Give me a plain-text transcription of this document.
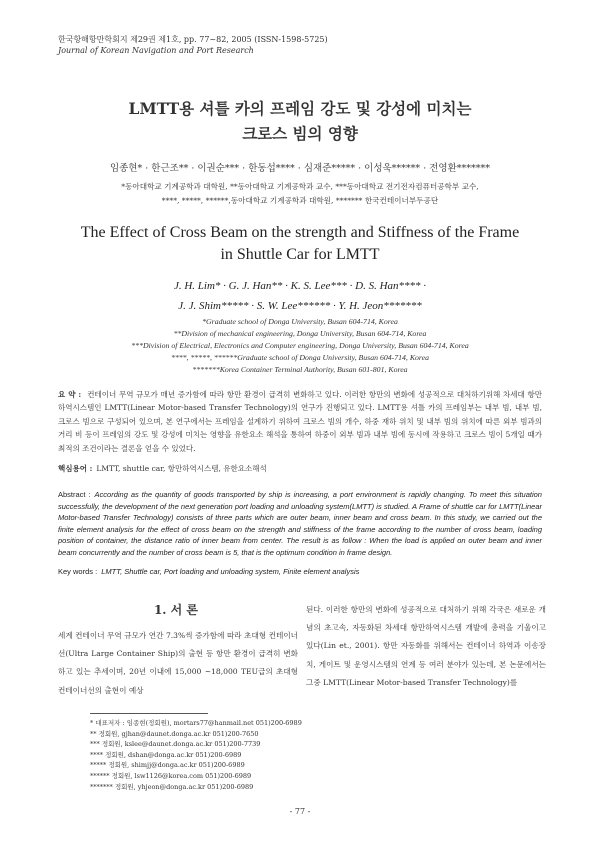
한국항해항만학회지 제29권 제1호, pp. 77~82, 2005 (ISSN-1598-5725)
Journal of Korean Navigation and Port Research
LMTT용 셔틀 카의 프레임 강도 및 강성에 미치는
크로스 빔의 영향
임종현* · 한근조** · 이권순*** · 한동섭**** · 심재준***** · 이성욱****** · 전영환*******
*동아대학교 기계공학과 대학원, **동아대학교 기계공학과 교수, ***동아대학교 전기전자컴퓨터공학부 교수,
****, *****, ******,동아대학교 기계공학과 대학원, ******* 한국컨테이너부두공단
The Effect of Cross Beam on the strength and Stiffness of the Frame
in Shuttle Car for LMTT
J. H. Lim* · G. J. Han** · K. S. Lee*** · D. S. Han**** ·
J. J. Shim***** · S. W. Lee****** · Y. H. Jeon*******
*Graduate school of Donga University, Busan 604-714, Korea
**Division of mechanical engineering, Donga University, Busan 604-714, Korea
***Division of Electrical, Electronics and Computer engineering, Donga University, Busan 604-714, Korea
****, *****, ******Graduate school of Donga University, Busan 604-714, Korea
*******Korea Container Terminal Authority, Busan 601-801, Korea
요 약 : 컨테이너 무역 규모가 매년 증가함에 따라 항만 환경이 급격히 변화하고 있다. 이러한 항만의 변화에 성공적으로 대처하기위해 차세대 항만하역시스템인 LMTT(Linear Motor-based Transfer Technology)의 연구가 진행되고 있다. LMTT용 셔틀 카의 프레임부는 내부 빔, 내부 빔, 크로스 빔으로 구성되어 있으며, 본 연구에서는 프레임을 설계하기 위하여 크로스 빔의 개수, 하중 재하 위치 및 내부 빔의 위치에 따른 외부 빔과의 거리 비 등이 프레임의 강도 및 강성에 미치는 영향을 유한요소 해석을 통하여 하중이 외부 빔과 내부 빔에 동시에 작용하고 크로스 빔이 5개일 때가 최적의 조건이라는 결론을 얻을 수 있었다.
핵심용어 : LMTT, shuttle car, 항만하역시스템, 유한요소해석
Abstract : According as the quantity of goods transported by ship is increasing, a port environment is rapidly changing. To meet this situation successfully, the development of the next generation port loading and unloading system(LMTT) is studied. A Frame of shuttle car for LMTT(Linear Motor-based Transfer Technology) consists of three parts which are outer beam, inner beam and cross beam. In this study, we carried out the finite element analysis for the effect of cross beam on the strength and stiffness of the frame according to the number of cross beam, loading position of container, the distance ratio of inner beam from center. The result is as follow : When the load is applied on outer beam and inner beam concurrently and the number of cross beam is 5, that is the optimum condition in frame design.
Key words : LMTT, Shuttle car, Port loading and unloading system, Finite element analysis
1. 서 론
세계 컨테이너 무역 규모가 연간 7.3%씩 증가함에 따라 초대형 컨테이너선(Ultra Large Container Ship)의 출현 등 항만 환경이 급격히 변화하고 있는 추세이며, 20년 이내에 15,000 ~18,000 TEU급의 초대형 컨테이너선의 출현이 예상
된다. 이러한 항만의 변화에 성공적으로 대처하기 위해 각국은 새로운 개념의 초고속, 자동화된 차세대 항만하역시스템 개발에 총력을 기울이고 있다(Lin et., 2001). 항만 자동화를 위해서는 컨테이너 하역과 이송장치, 게이트 및 운영시스템의 연계 등 여러 분야가 있는데, 본 논문에서는 그중 LMTT(Linear Motor-based Transfer Technology)를
* 대표저자 : 임종현(정회원), mortars77@hanmail.net 051)200-6989
** 정회원, gjhan@daunet.donga.ac.kr 051)200-7650
*** 정회원, kslee@daunet.donga.ac.kr 051)200-7739
**** 정회원, dshan@donga.ac.kr 051)200-6989
***** 정회원, shimjj@donga.ac.kr 051)200-6989
****** 정회원, lsw1126@korea.com 051)200-6989
******* 정회원, yhjeon@donga.ac.kr 051)200-6989
- 77 -
